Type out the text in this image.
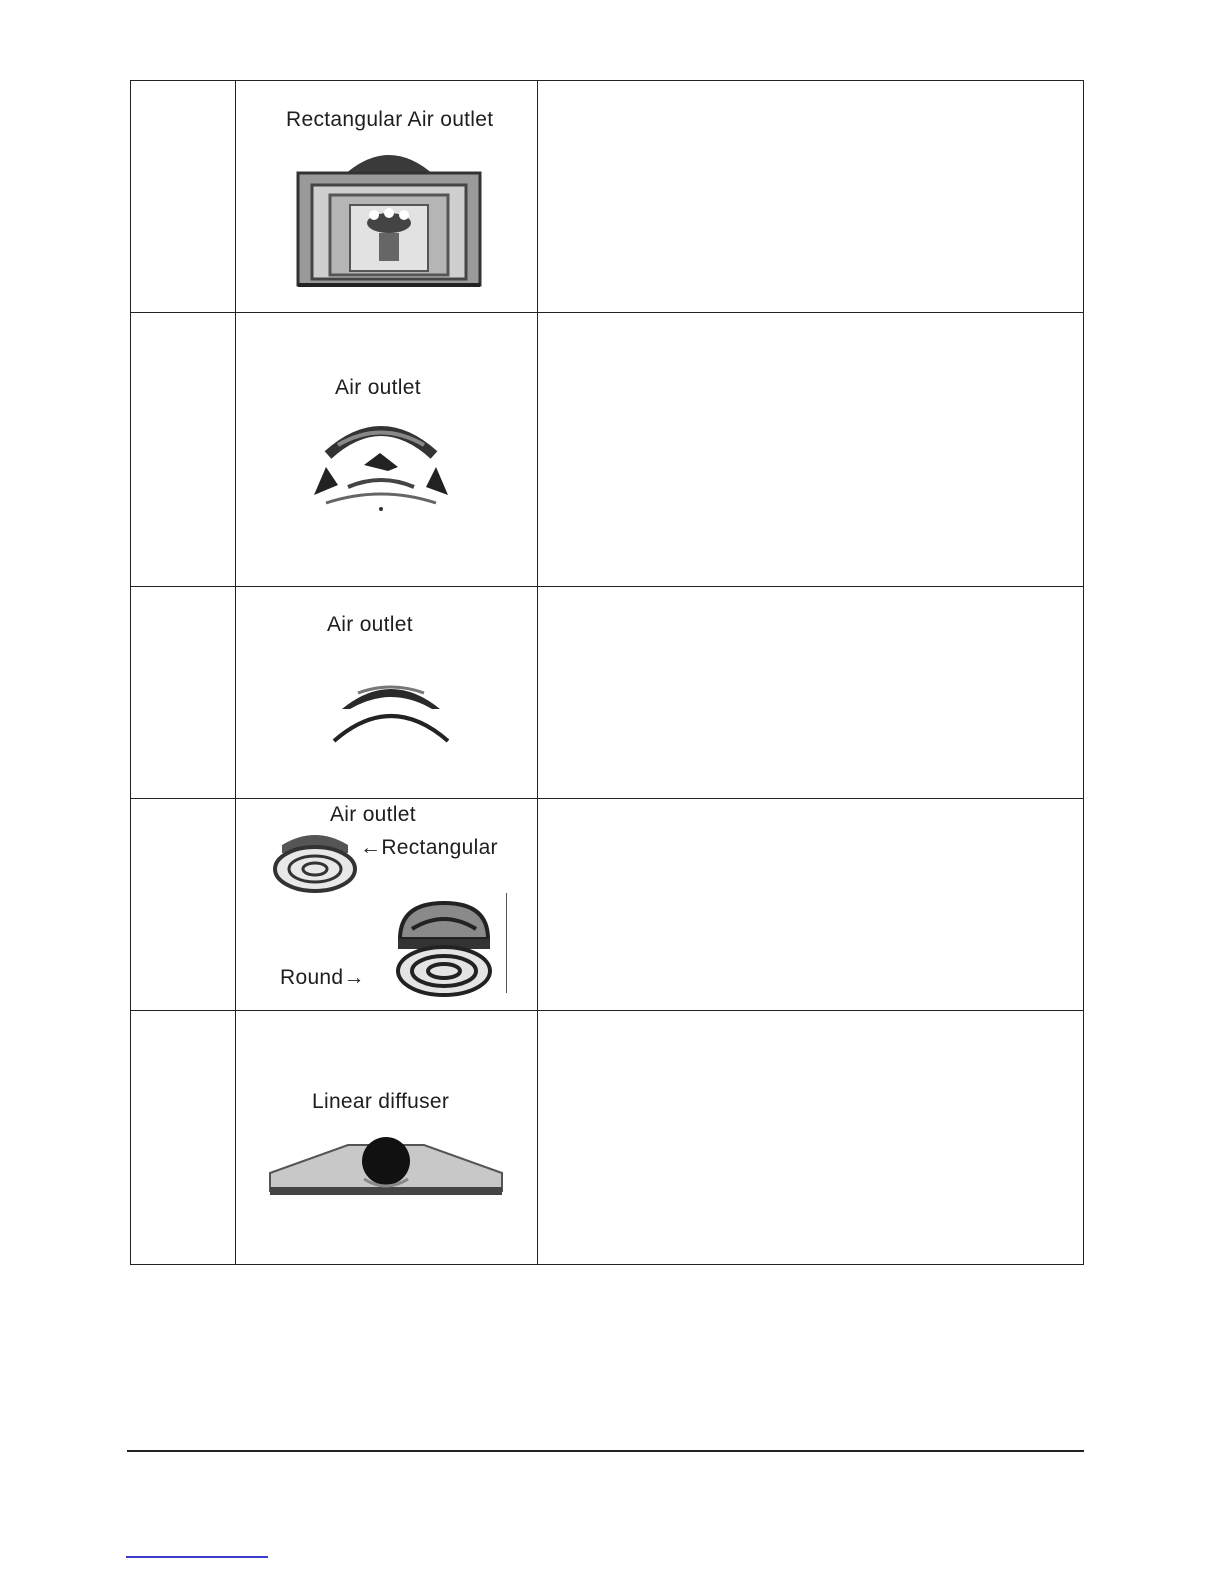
	Rectangular Air outlet	

	Air outlet	

	Air outlet	

	Air outlet
←Rectangular
Round→	

	Linear diffuser	
